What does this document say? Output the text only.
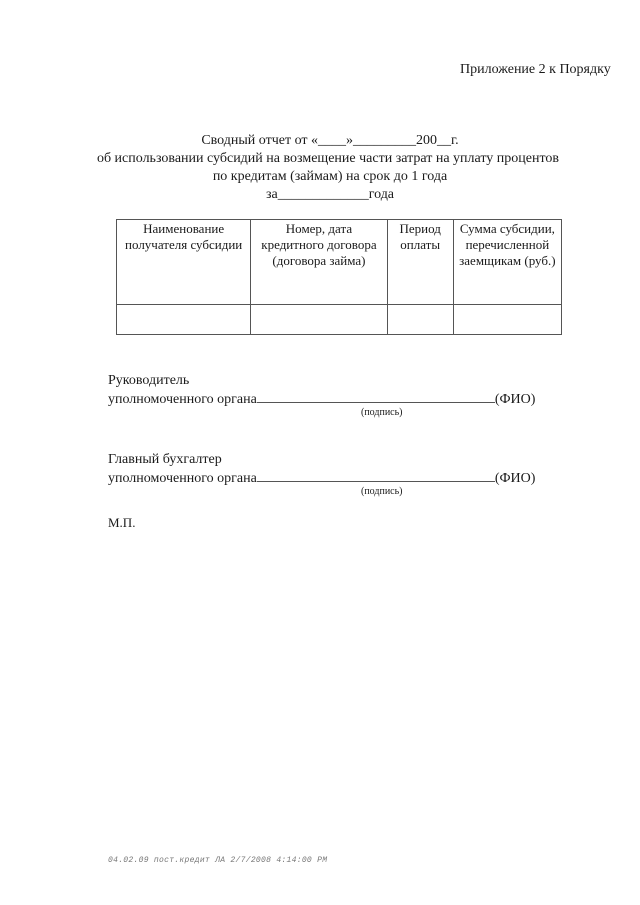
Приложение 2 к Порядку
Сводный отчет от «____»_________200__г.
об использовании субсидий на возмещение части затрат на уплату процентов
по кредитам (займам) на срок до 1 года
за_____________года
Наименование получателя субсидии	Номер, дата кредитного договора (договора займа)	Период оплаты	Сумма субсидии, перечисленной заемщикам (руб.)

Руководитель
уполномоченного органа	(ФИО)
(подпись)
Главный бухгалтер
уполномоченного органа	(ФИО)
(подпись)
М.П.
04.02.09 пост.кредит ЛА 2/7/2008 4:14:00 PM
